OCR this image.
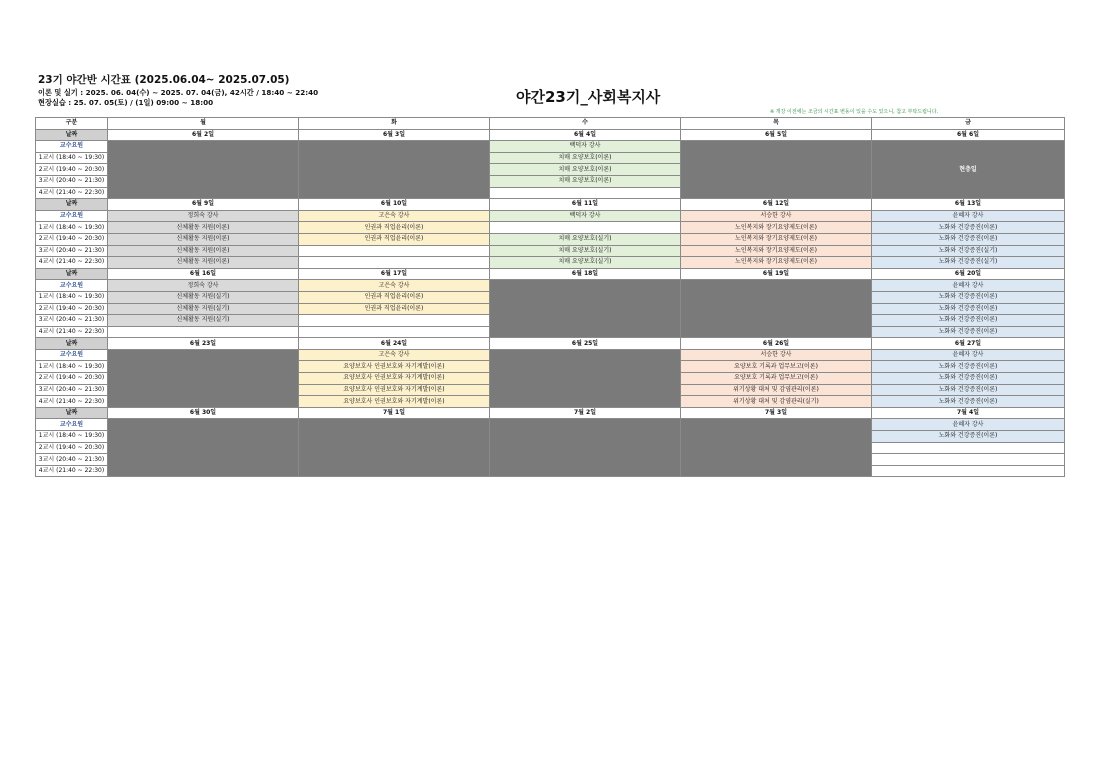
23기 야간반 시간표 (2025.06.04~ 2025.07.05)
이론 및 실기 : 2025. 06. 04(수) ~ 2025. 07. 04(금), 42시간 / 18:40 ~ 22:40
현장실습 : 25. 07. 05(토) / (1일) 09:00 ~ 18:00	야간23기_사회복지사
※ 개강 이전에는 조금의 시간표 변동이 있을 수도 있으니, 참고 부탁드립니다.
구분	월	화	수	목	금
날짜	6월 2일	6월 3일	6월 4일	6월 5일	6월 6일
교수요원			백덕자 강사		현충일
1교시 (18:40 ~ 19:30)			치매 요양보호(이론)		
2교시 (19:40 ~ 20:30)			치매 요양보호(이론)		
3교시 (20:40 ~ 21:30)			치매 요양보호(이론)		
4교시 (21:40 ~ 22:30)					
날짜	6월 9일	6월 10일	6월 11일	6월 12일	6월 13일
교수요원	정희숙 강사	고은숙 강사	백덕자 강사	서승한 강사	윤혜자 강사
1교시 (18:40 ~ 19:30)	신체활동 지원(이론)	인권과 직업윤리(이론)		노인복지와 장기요양제도(이론)	노화와 건강증진(이론)
2교시 (19:40 ~ 20:30)	신체활동 지원(이론)	인권과 직업윤리(이론)	치매 요양보호(실기)	노인복지와 장기요양제도(이론)	노화와 건강증진(이론)
3교시 (20:40 ~ 21:30)	신체활동 지원(이론)		치매 요양보호(실기)	노인복지와 장기요양제도(이론)	노화와 건강증진(실기)
4교시 (21:40 ~ 22:30)	신체활동 지원(이론)		치매 요양보호(실기)	노인복지와 장기요양제도(이론)	노화와 건강증진(실기)
날짜	6월 16일	6월 17일	6월 18일	6월 19일	6월 20일
교수요원	정희숙 강사	고은숙 강사			윤혜자 강사
1교시 (18:40 ~ 19:30)	신체활동 지원(실기)	인권과 직업윤리(이론)			노화와 건강증진(이론)
2교시 (19:40 ~ 20:30)	신체활동 지원(실기)	인권과 직업윤리(이론)			노화와 건강증진(이론)
3교시 (20:40 ~ 21:30)	신체활동 지원(실기)				노화와 건강증진(이론)
4교시 (21:40 ~ 22:30)					노화와 건강증진(이론)
날짜	6월 23일	6월 24일	6월 25일	6월 26일	6월 27일
교수요원		고은숙 강사		서승한 강사	윤혜자 강사
1교시 (18:40 ~ 19:30)		요양보호사 인권보호와 자기계발(이론)		요양보호 기록과 업무보고(이론)	노화와 건강증진(이론)
2교시 (19:40 ~ 20:30)		요양보호사 인권보호와 자기계발(이론)		요양보호 기록과 업무보고(이론)	노화와 건강증진(이론)
3교시 (20:40 ~ 21:30)		요양보호사 인권보호와 자기계발(이론)		위기상황 대처 및 감염관리(이론)	노화와 건강증진(이론)
4교시 (21:40 ~ 22:30)		요양보호사 인권보호와 자기계발(이론)		위기상황 대처 및 감염관리(실기)	노화와 건강증진(이론)
날짜	6월 30일	7월 1일	7월 2일	7월 3일	7월 4일
교수요원					윤혜자 강사
1교시 (18:40 ~ 19:30)					노화와 건강증진(이론)
2교시 (19:40 ~ 20:30)					
3교시 (20:40 ~ 21:30)					
4교시 (21:40 ~ 22:30)					
